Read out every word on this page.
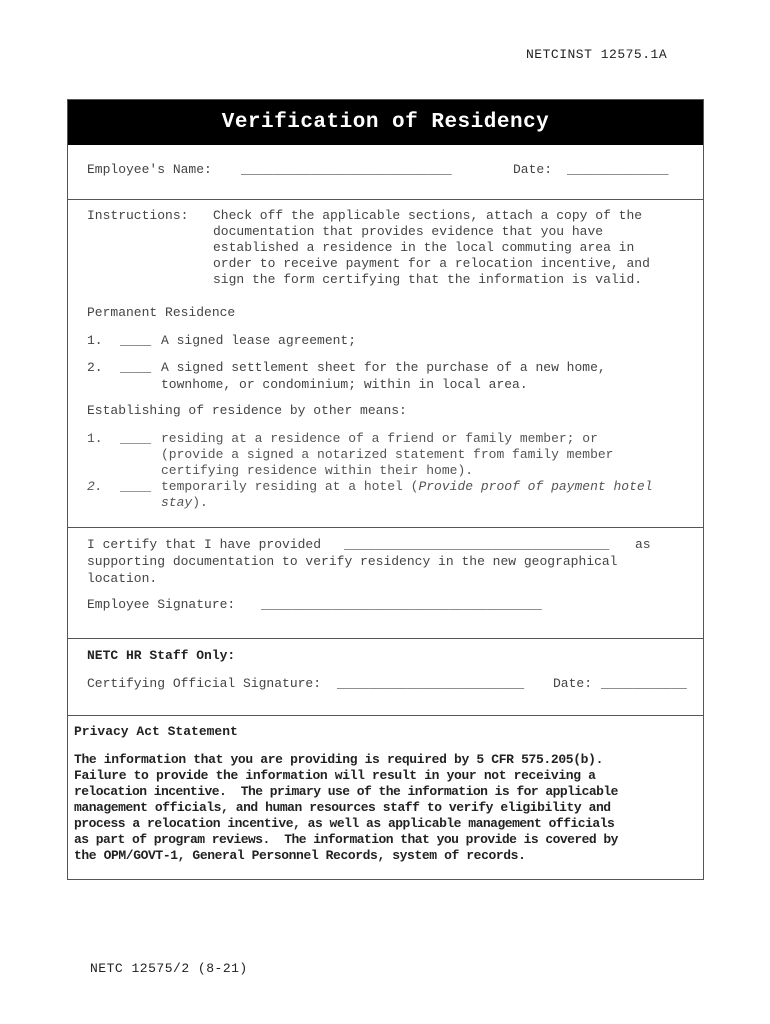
NETCINST 12575.1A
Verification of Residency
Employee's Name: ___________________________	Date: _____________
Instructions: Check off the applicable sections, attach a copy of the
documentation that provides evidence that you have
established a residence in the local commuting area in
order to receive payment for a relocation incentive, and
sign the form certifying that the information is valid.
Permanent Residence
1. ____ A signed lease agreement;
2. ____ A signed settlement sheet for the purchase of a new home,
townhome, or condominium; within in local area.
Establishing of residence by other means:
1. ____ residing at a residence of a friend or family member; or
(provide a signed a notarized statement from family member
certifying residence within their home).
2. ____ temporarily residing at a hotel (Provide proof of payment hotel
stay).
I certify that I have provided __________________________________ as
supporting documentation to verify residency in the new geographical
location.
Employee Signature: ____________________________________
NETC HR Staff Only:
Certifying Official Signature: ________________________ Date: ___________
Privacy Act Statement
The information that you are providing is required by 5 CFR 575.205(b).
Failure to provide the information will result in your not receiving a
relocation incentive.  The primary use of the information is for applicable
management officials, and human resources staff to verify eligibility and
process a relocation incentive, as well as applicable management officials
as part of program reviews.  The information that you provide is covered by
the OPM/GOVT-1, General Personnel Records, system of records.
NETC 12575/2 (8-21)
